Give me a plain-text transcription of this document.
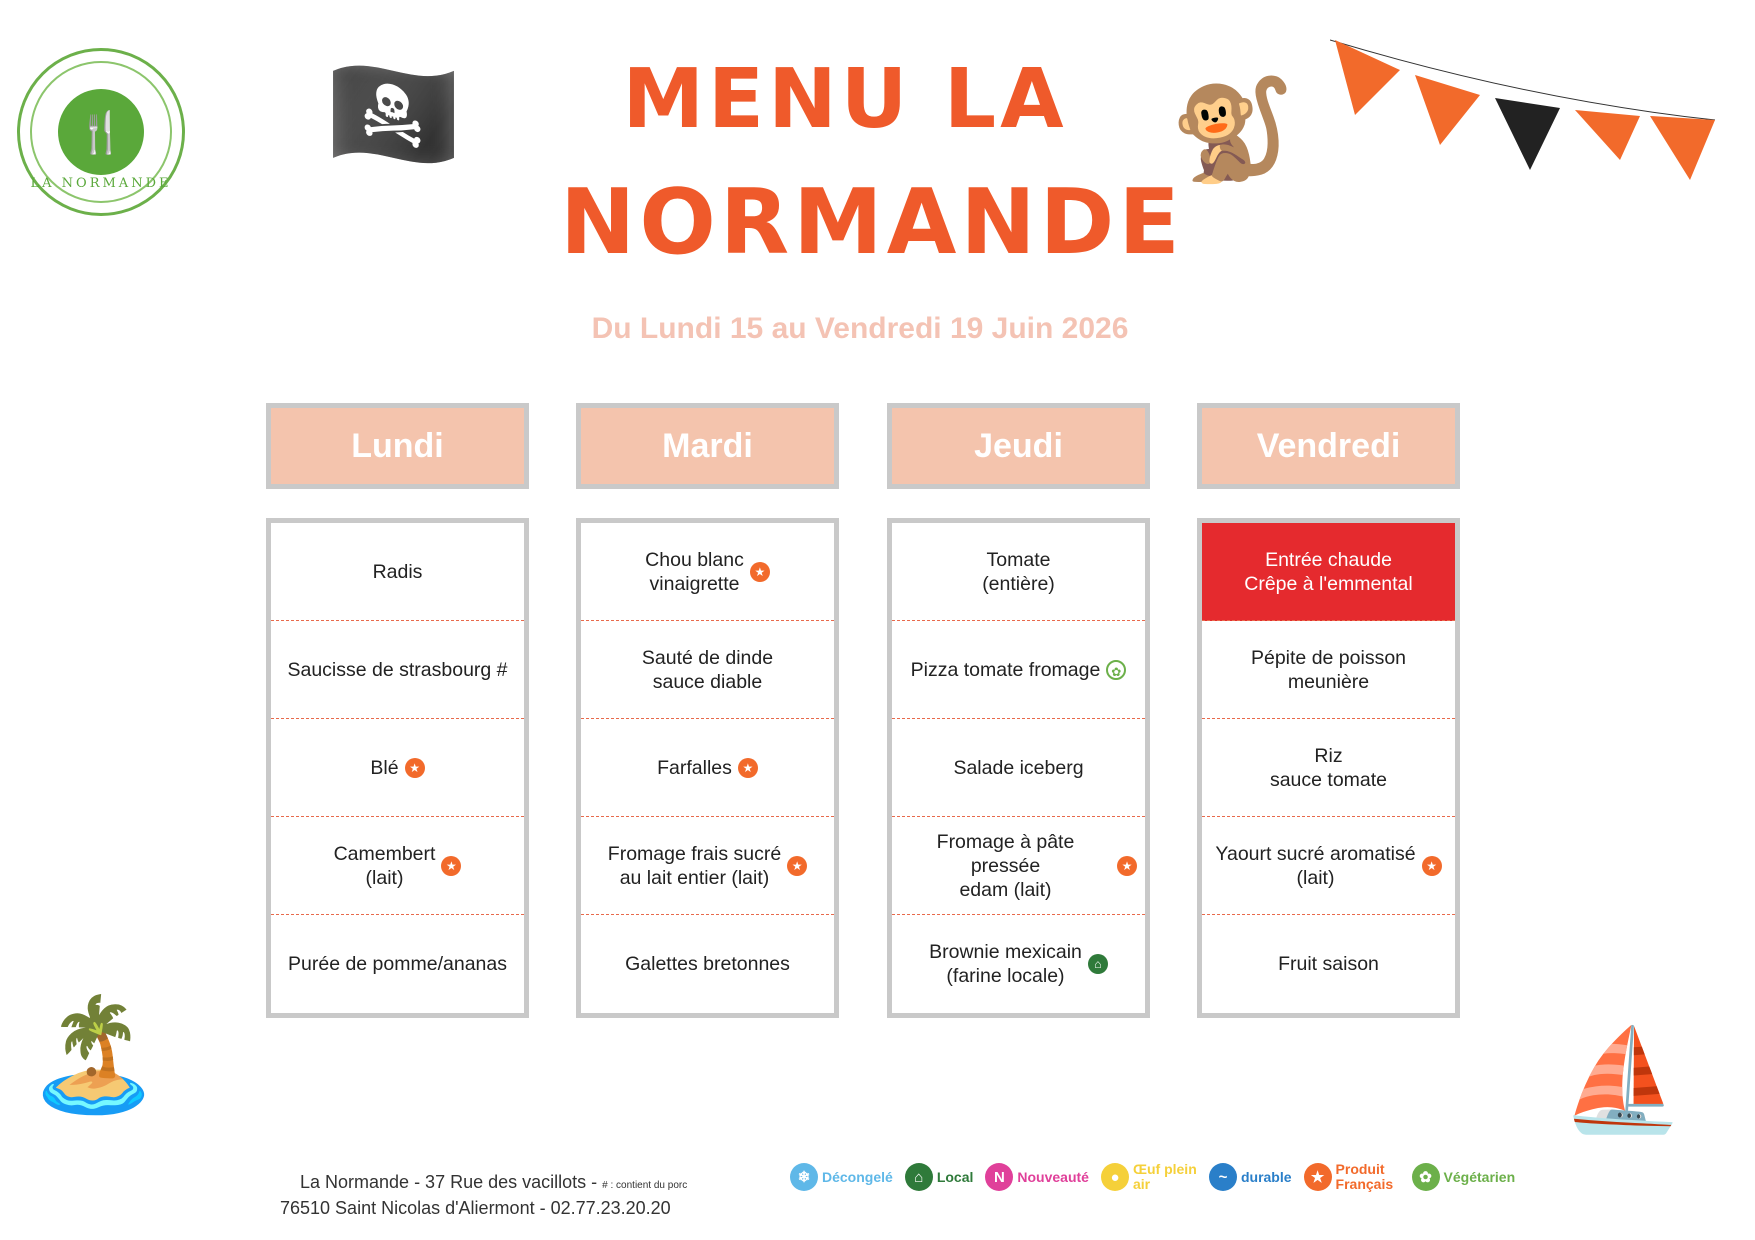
🍴
LA NORMANDE
🏴‍☠️	🐒
MENU LA
NORMANDE
Du Lundi 15 au Vendredi 19 Juin 2026
Lundi
Radis
Saucisse de strasbourg #
Blé ★
Camembert
(lait)
★
Purée de pomme/ananas
Mardi
Chou blanc
vinaigrette
★
Sauté de dinde
sauce diable
Farfalles ★
Fromage frais sucré
au lait entier (lait)
★
Galettes bretonnes
Jeudi
Tomate
(entière)
Pizza tomate fromage ✿
Salade iceberg
Fromage à pâte pressée
edam (lait)
★
Brownie mexicain
(farine locale)
⌂
Vendredi
Entrée chaude
Crêpe à l'emmental
Pépite de poisson
meunière
Riz
sauce tomate
Yaourt sucré aromatisé
(lait)
★
Fruit saison
🏝️	⛵
La Normande - 37 Rue des vacillots - # : contient du porc
76510 Saint Nicolas d'Aliermont - 02.77.23.20.20
❄ Décongelé	⌂ Local	N Nouveauté	● Œuf plein air	~ durable	★ Produit Français	✿ Végétarien
